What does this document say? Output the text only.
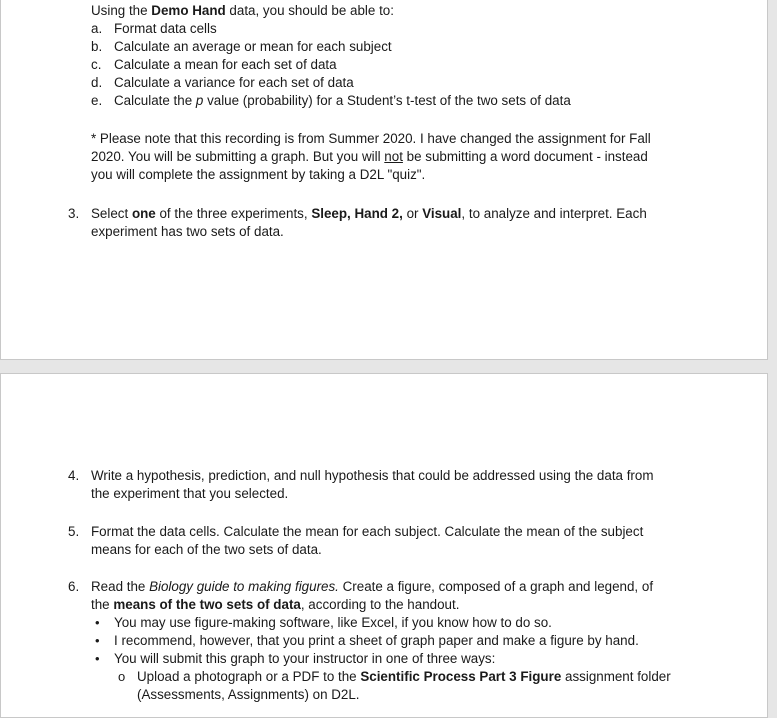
Using the Demo Hand data, you should be able to:
a. Format data cells
b. Calculate an average or mean for each subject
c. Calculate a mean for each set of data
d. Calculate a variance for each set of data
e. Calculate the p value (probability) for a Student’s t-test of the two sets of data
* Please note that this recording is from Summer 2020. I have changed the assignment for Fall
2020. You will be submitting a graph. But you will not be submitting a word document - instead
you will complete the assignment by taking a D2L "quiz".
3. Select one of the three experiments, Sleep, Hand 2, or Visual, to analyze and interpret. Each
experiment has two sets of data.
4. Write a hypothesis, prediction, and null hypothesis that could be addressed using the data from
the experiment that you selected.
5. Format the data cells. Calculate the mean for each subject. Calculate the mean of the subject
means for each of the two sets of data.
6. Read the Biology guide to making figures. Create a figure, composed of a graph and legend, of
the means of the two sets of data, according to the handout.
• You may use figure-making software, like Excel, if you know how to do so.
• I recommend, however, that you print a sheet of graph paper and make a figure by hand.
• You will submit this graph to your instructor in one of three ways:
o Upload a photograph or a PDF to the Scientific Process Part 3 Figure assignment folder
(Assessments, Assignments) on D2L.
